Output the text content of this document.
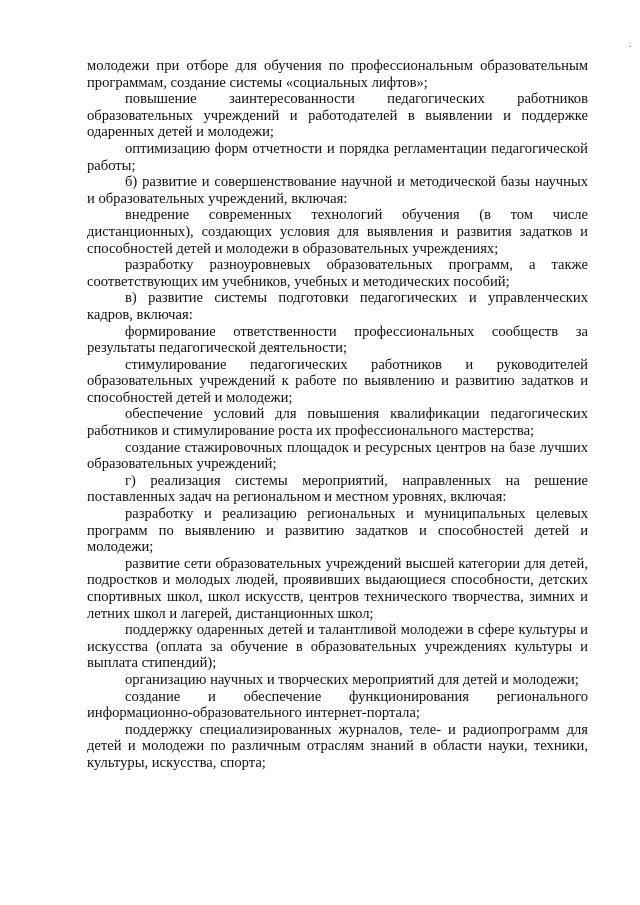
·

молодежи при отборе для обучения по профессиональным образовательным программам, создание системы «социальных лифтов»;

повышение заинтересованности педагогических работников образовательных учреждений и работодателей в выявлении и поддержке одаренных детей и молодежи;

оптимизацию форм отчетности и порядка регламентации педагогической работы;

б) развитие и совершенствование научной и методической базы научных и образовательных учреждений, включая:

внедрение современных технологий обучения (в том числе дистанционных), создающих условия для выявления и развития задатков и способностей детей и молодежи в образовательных учреждениях;

разработку разноуровневых образовательных программ, а также соответствующих им учебников, учебных и методических пособий;

в) развитие системы подготовки педагогических и управленческих кадров, включая:

формирование ответственности профессиональных сообществ за результаты педагогической деятельности;

стимулирование педагогических работников и руководителей образовательных учреждений к работе по выявлению и развитию задатков и способностей детей и молодежи;

обеспечение условий для повышения квалификации педагогических работников и стимулирование роста их профессионального мастерства;

создание стажировочных площадок и ресурсных центров на базе лучших образовательных учреждений;

г) реализация системы мероприятий, направленных на решение поставленных задач на региональном и местном уровнях, включая:

разработку и реализацию региональных и муниципальных целевых программ по выявлению и развитию задатков и способностей детей и молодежи;

развитие сети образовательных учреждений высшей категории для детей, подростков и молодых людей, проявивших выдающиеся способности, детских спортивных школ, школ искусств, центров технического творчества, зимних и летних школ и лагерей, дистанционных школ;

поддержку одаренных детей и талантливой молодежи в сфере культуры и искусства (оплата за обучение в образовательных учреждениях культуры и выплата стипендий);

организацию научных и творческих мероприятий для детей и молодежи;

создание и обеспечение функционирования регионального информационно-образовательного интернет-портала;

поддержку специализированных журналов, теле- и радиопрограмм для детей и молодежи по различным отраслям знаний в области науки, техники, культуры, искусства, спорта;
